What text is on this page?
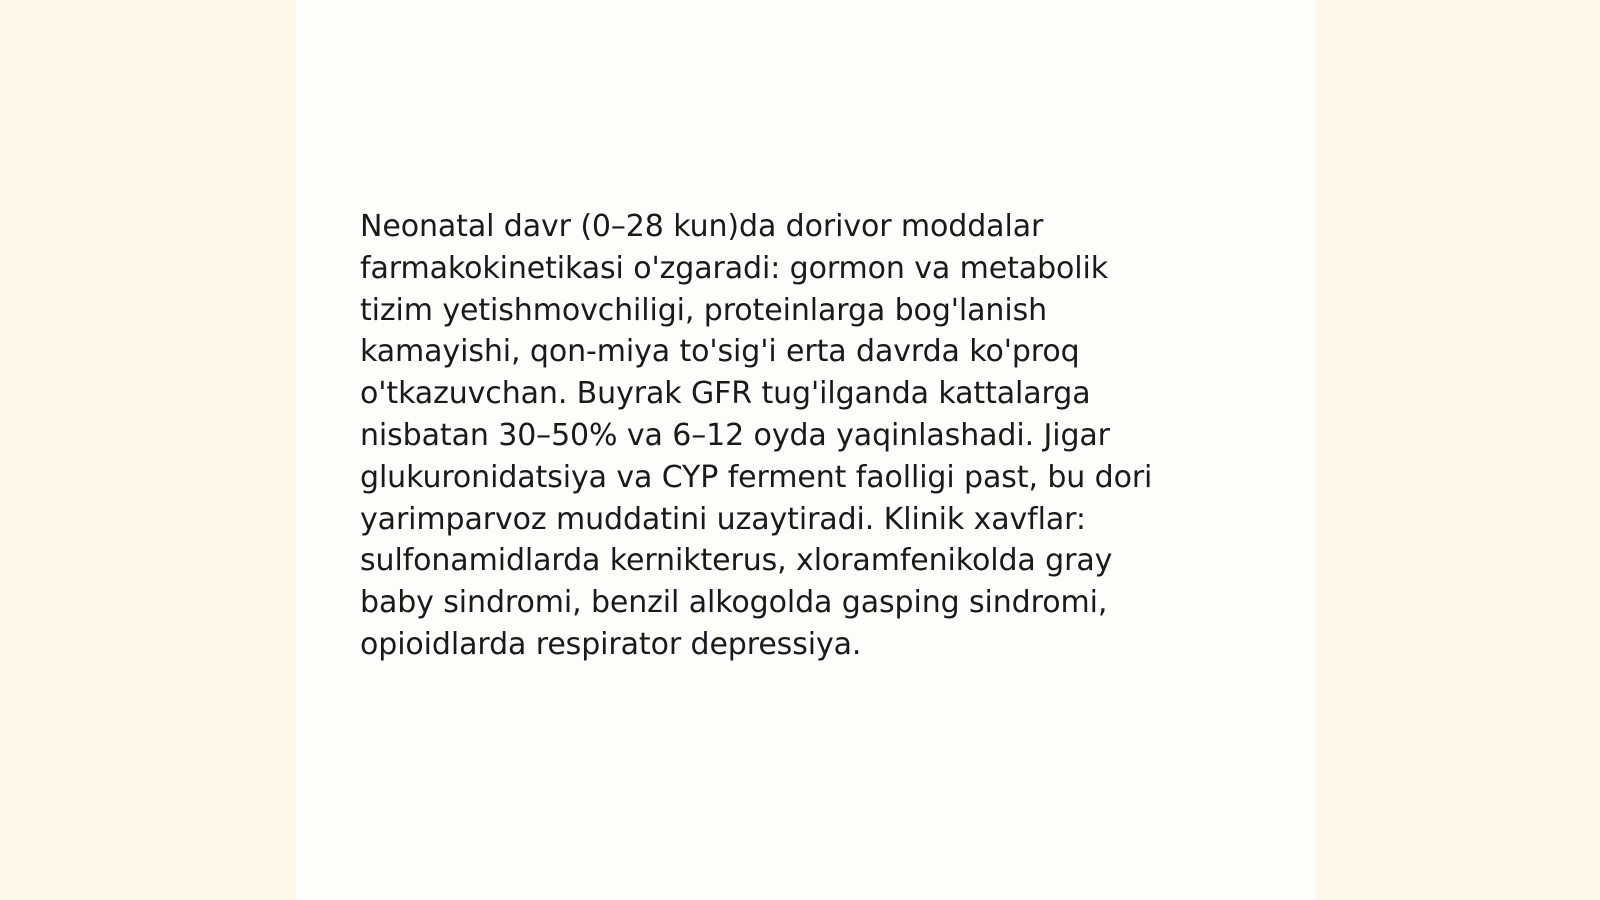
Neonatal davr (0–28 kun)da dorivor moddalar
farmakokinetikasi o'zgaradi: gormon va metabolik
tizim yetishmovchiligi, proteinlarga bog'lanish
kamayishi, qon-miya to'sig'i erta davrda ko'proq
o'tkazuvchan. Buyrak GFR tug'ilganda kattalarga
nisbatan 30–50% va 6–12 oyda yaqinlashadi. Jigar
glukuronidatsiya va CYP ferment faolligi past, bu dori
yarimparvoz muddatini uzaytiradi. Klinik xavflar:
sulfonamidlarda kernikterus, xloramfenikolda gray
baby sindromi, benzil alkogolda gasping sindromi,
opioidlarda respirator depressiya.
